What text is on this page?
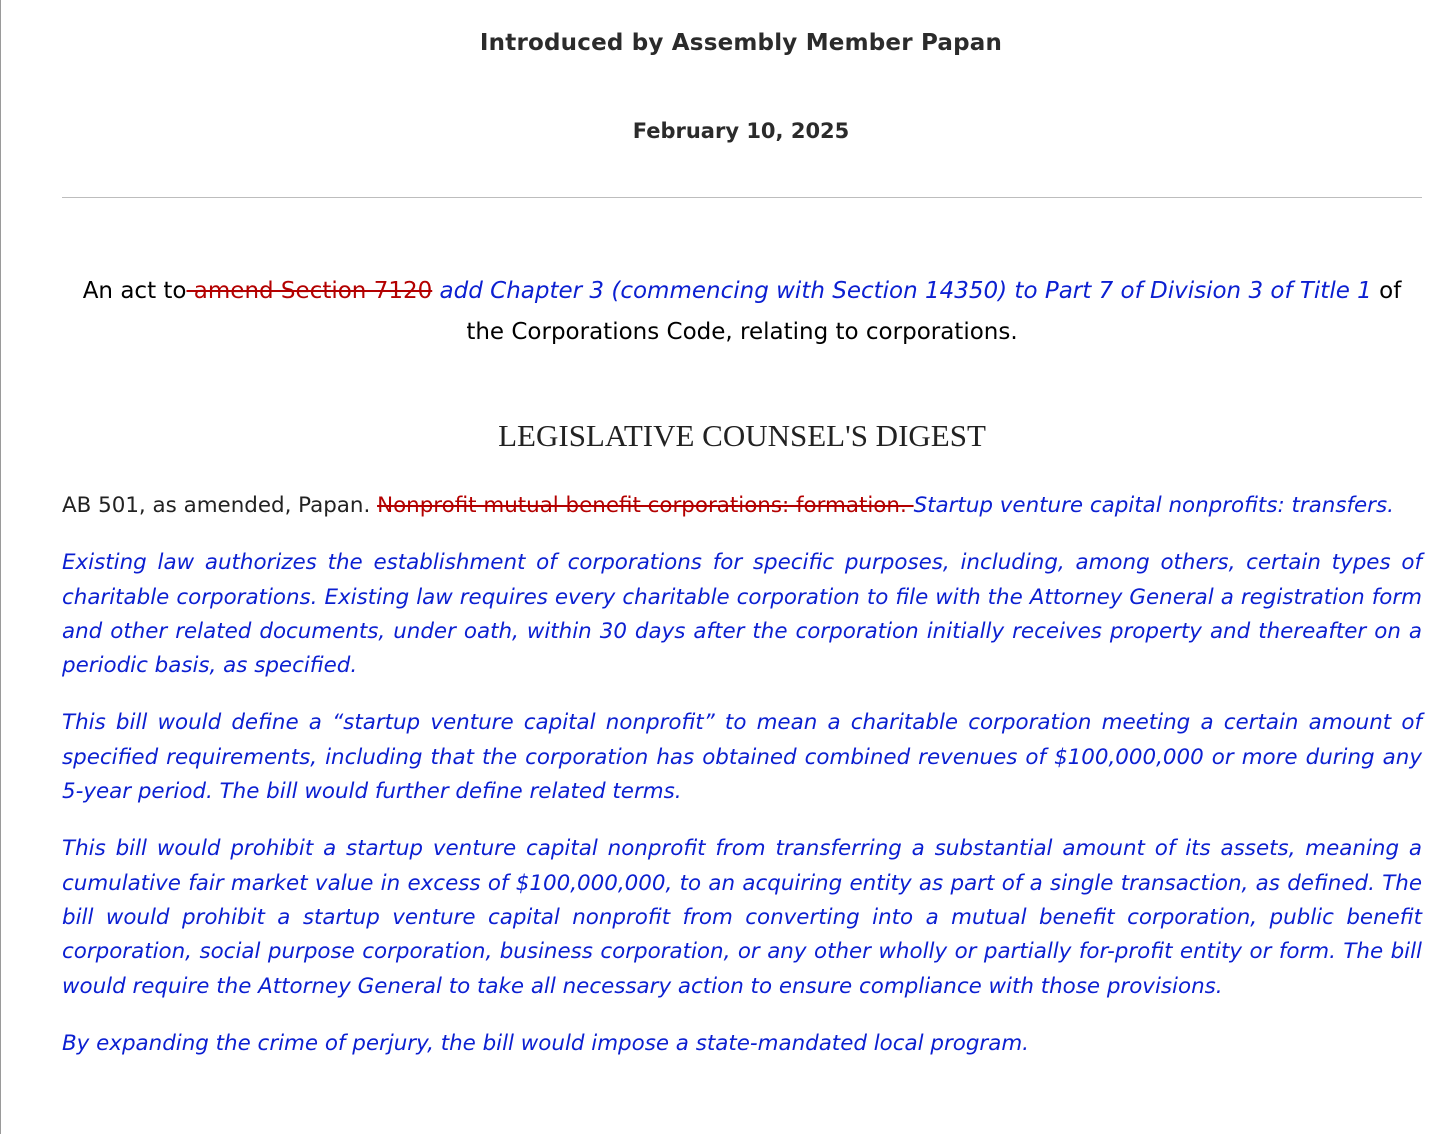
Introduced by Assembly Member Papan
February 10, 2025
An act to amend Section 7120 add Chapter 3 (commencing with Section 14350) to Part 7 of Division 3 of Title 1 of the Corporations Code, relating to corporations.
LEGISLATIVE COUNSEL'S DIGEST

AB 501, as amended, Papan. Nonprofit mutual benefit corporations: formation. Startup venture capital nonprofits: transfers.

Existing law authorizes the establishment of corporations for specific purposes, including, among others, certain types of charitable corporations. Existing law requires every charitable corporation to file with the Attorney General a registration form and other related documents, under oath, within 30 days after the corporation initially receives property and thereafter on a periodic basis, as specified.

This bill would define a “startup venture capital nonprofit” to mean a charitable corporation meeting a certain amount of specified requirements, including that the corporation has obtained combined revenues of $100,000,000 or more during any 5-year period. The bill would further define related terms.

This bill would prohibit a startup venture capital nonprofit from transferring a substantial amount of its assets, meaning a cumulative fair market value in excess of $100,000,000, to an acquiring entity as part of a single transaction, as defined. The bill would prohibit a startup venture capital nonprofit from converting into a mutual benefit corporation, public benefit corporation, social purpose corporation, business corporation, or any other wholly or partially for-profit entity or form. The bill would require the Attorney General to take all necessary action to ensure compliance with those provisions.

By expanding the crime of perjury, the bill would impose a state-mandated local program.
